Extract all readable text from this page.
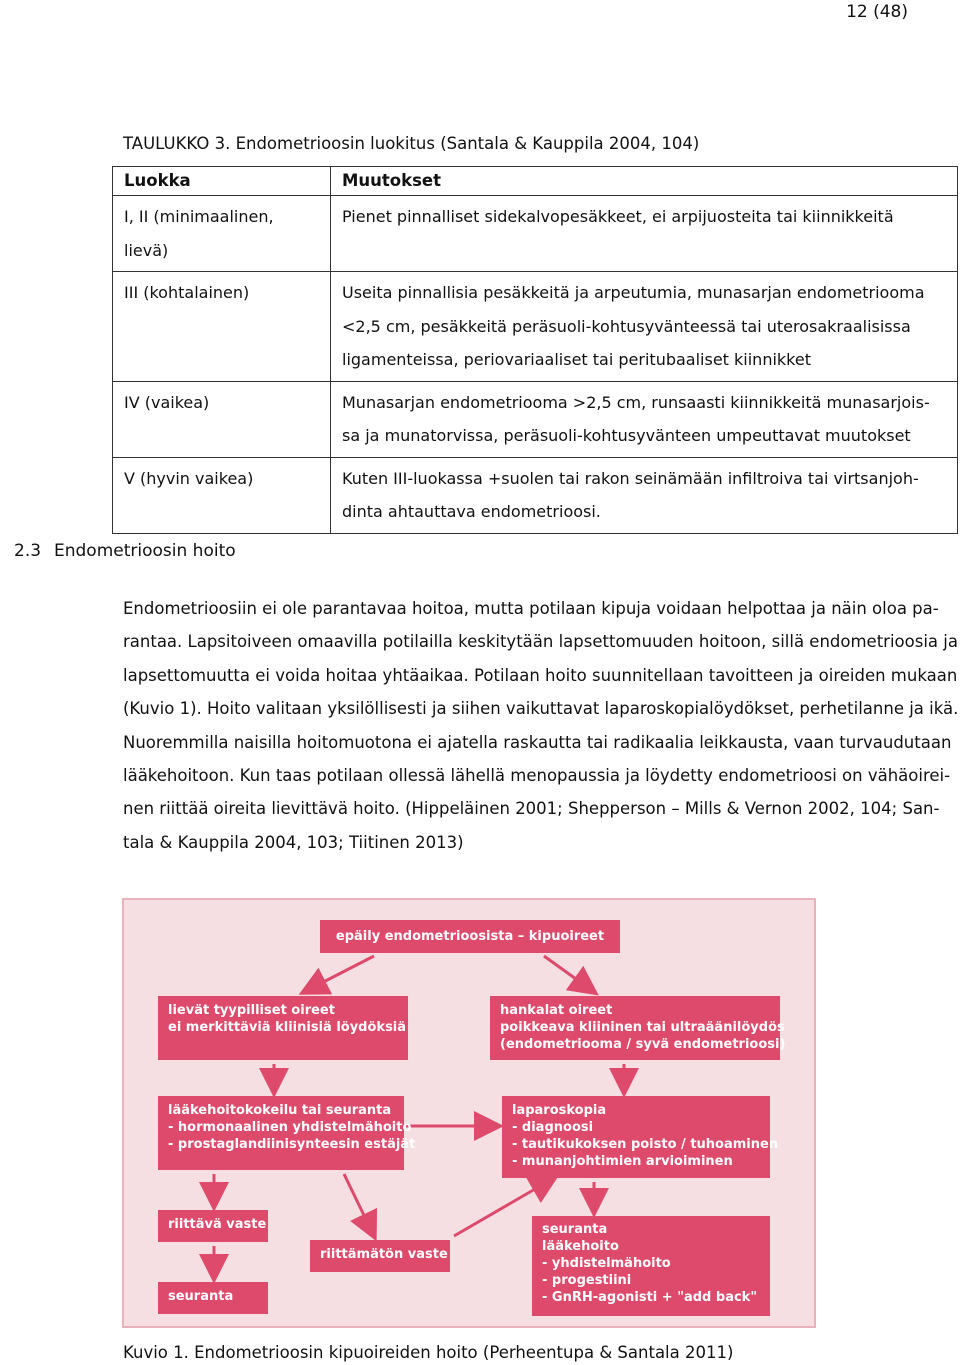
12 (48)
TAULUKKO 3. Endometrioosin luokitus (Santala & Kauppila 2004, 104)
Luokka	Muutokset
I, II (minimaalinen,
lievä)	Pienet pinnalliset sidekalvopesäkkeet, ei arpijuosteita tai kiinnikkeitä
III (kohtalainen)	Useita pinnallisia pesäkkeitä ja arpeutumia, munasarjan endometriooma
<2,5 cm, pesäkkeitä peräsuoli-kohtusyvänteessä tai uterosakraalisissa
ligamenteissa, periovariaaliset tai peritubaaliset kiinnikket
IV (vaikea)	Munasarjan endometriooma >2,5 cm, runsaasti kiinnikkeitä munasarjois-
sa ja munatorvissa, peräsuoli-kohtusyvänteen umpeuttavat muutokset
V (hyvin vaikea)	Kuten III-luokassa +suolen tai rakon seinämään infiltroiva tai virtsanjoh-
dinta ahtauttava endometrioosi.
2.3 Endometrioosin hoito
Endometrioosiin ei ole parantavaa hoitoa, mutta potilaan kipuja voidaan helpottaa ja näin oloa pa-
rantaa. Lapsitoiveen omaavilla potilailla keskitytään lapsettomuuden hoitoon, sillä endometrioosia ja
lapsettomuutta ei voida hoitaa yhtäaikaa. Potilaan hoito suunnitellaan tavoitteen ja oireiden mukaan
(Kuvio 1). Hoito valitaan yksilöllisesti ja siihen vaikuttavat laparoskopialöydökset, perhetilanne ja ikä.
Nuoremmilla naisilla hoitomuotona ei ajatella raskautta tai radikaalia leikkausta, vaan turvaudutaan
lääkehoitoon. Kun taas potilaan ollessä lähellä menopaussia ja löydetty endometrioosi on vähäoirei-
nen riittää oireita lievittävä hoito. (Hippeläinen 2001; Shepperson – Mills & Vernon 2002, 104; San-
tala & Kauppila 2004, 103; Tiitinen 2013)
epäily endometrioosista – kipuoireet
lievät tyypilliset oireet
ei merkittäviä kliinisiä löydöksiä
hankalat oireet
poikkeava kliininen tai ultraäänilöydös
(endometriooma / syvä endometrioosi)
lääkehoitokokeilu tai seuranta
- hormonaalinen yhdistelmähoito
- prostaglandiinisynteesin estäjät
laparoskopia
- diagnoosi
- tautikukoksen poisto / tuhoaminen
- munanjohtimien arvioiminen
riittävä vaste
riittämätön vaste
seuranta
seuranta
lääkehoito
- yhdistelmähoito
- progestiini
- GnRH-agonisti + "add back"
Kuvio 1. Endometrioosin kipuoireiden hoito (Perheentupa & Santala 2011)
